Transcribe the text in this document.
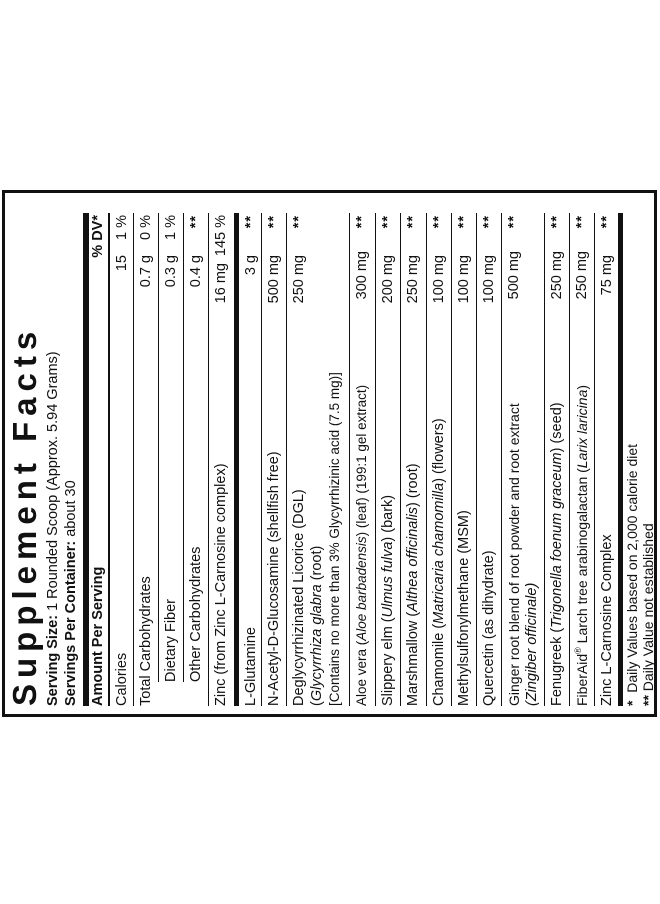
Supplement Facts Serving Size: 1 Rounded Scoop (Approx. 5.94 Grams)
Servings Per Container: about 30
Amount Per Serving
% DV*
Calories
15
1 %
Total Carbohydrates
0.7 g
0 %
Dietary Fiber
0.3 g
1 %
Other Carbohydrates
0.4 g
**
Zinc (from Zinc L-Carnosine complex)
16 mg
145 %
L-Glutamine
3 g
**
N-Acetyl-D-Glucosamine (shellfish free)
500 mg
**
Deglycyrrhizinated Licorice (DGL) (Glycyrrhiza glabra (root) [Contains no more than 3% Glycyrrhizinic acid (7.5 mg)]
250 mg
**
Aloe vera (Aloe barbadensis) (leaf) (199:1 gel extract)
300 mg
**
Slippery elm (Ulmus fulva) (bark)
200 mg
**
Marshmallow (Althea officinalis) (root)
250 mg
**
Chamomile (Matricaria chamomilla) (flowers)
100 mg
**
Methylsulfonylmethane (MSM)
100 mg
**
Quercetin (as dihydrate)
100 mg
**
Ginger root blend of root powder and root extract (Zingiber officinale)
500 mg
**
Fenugreek (Trigonella foenum graceum) (seed)
250 mg
**
FiberAid® Larch tree arabinogalactan (Larix laricina)
250 mg
**
Zinc L-Carnosine Complex
75 mg
**
*  Daily Values based on 2,000 calorie diet
** Daily Value not established
